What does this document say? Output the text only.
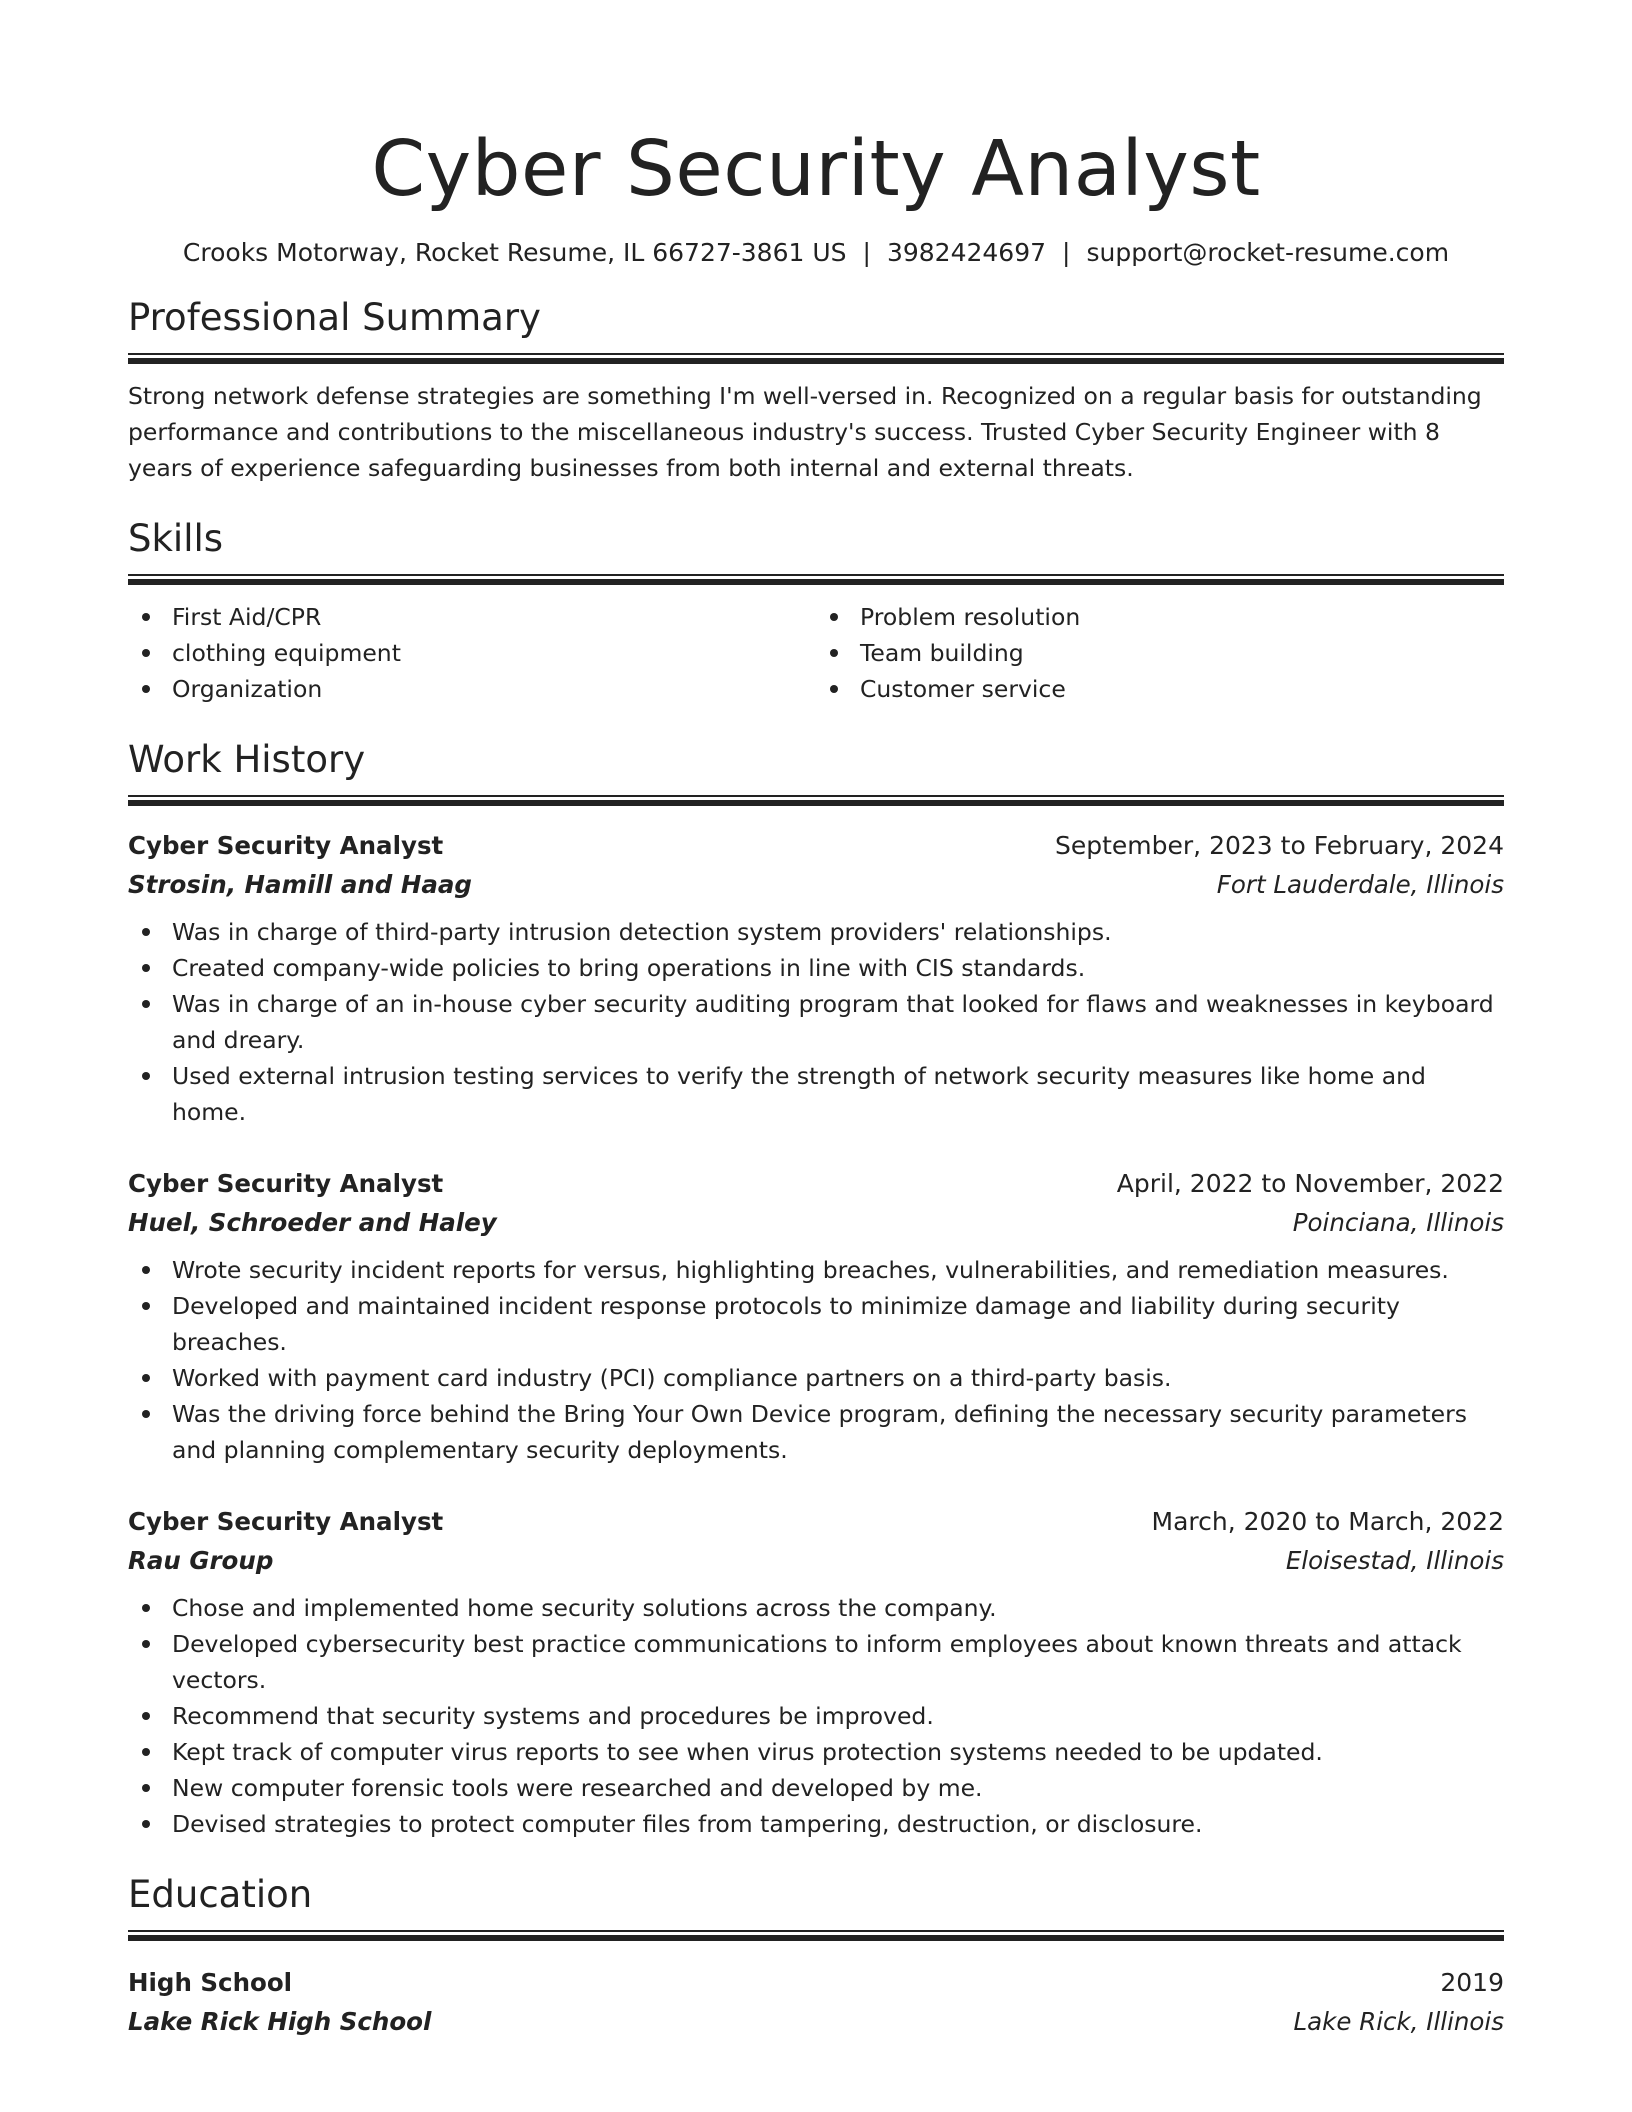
Cyber Security Analyst
Crooks Motorway, Rocket Resume, IL 66727-3861 US | 3982424697 | support@rocket-resume.com
Professional Summary

Strong network defense strategies are something I'm well-versed in. Recognized on a regular basis for outstanding performance and contributions to the miscellaneous industry's success. Trusted Cyber Security Engineer with 8 years of experience safeguarding businesses from both internal and external threats.

Skills
First Aid/CPR
clothing equipment
Organization
Problem resolution
Team building
Customer service
Work History
Cyber Security Analyst	September, 2023 to February, 2024
Strosin, Hamill and Haag	Fort Lauderdale, Illinois
Was in charge of third-party intrusion detection system providers' relationships.
Created company-wide policies to bring operations in line with CIS standards.
Was in charge of an in-house cyber security auditing program that looked for flaws and weaknesses in keyboard and dreary.
Used external intrusion testing services to verify the strength of network security measures like home and home.
Cyber Security Analyst	April, 2022 to November, 2022
Huel, Schroeder and Haley	Poinciana, Illinois
Wrote security incident reports for versus, highlighting breaches, vulnerabilities, and remediation measures.
Developed and maintained incident response protocols to minimize damage and liability during security breaches.
Worked with payment card industry (PCI) compliance partners on a third-party basis.
Was the driving force behind the Bring Your Own Device program, defining the necessary security parameters and planning complementary security deployments.
Cyber Security Analyst	March, 2020 to March, 2022
Rau Group	Eloisestad, Illinois
Chose and implemented home security solutions across the company.
Developed cybersecurity best practice communications to inform employees about known threats and attack vectors.
Recommend that security systems and procedures be improved.
Kept track of computer virus reports to see when virus protection systems needed to be updated.
New computer forensic tools were researched and developed by me.
Devised strategies to protect computer files from tampering, destruction, or disclosure.
Education
High School	2019
Lake Rick High School	Lake Rick, Illinois
